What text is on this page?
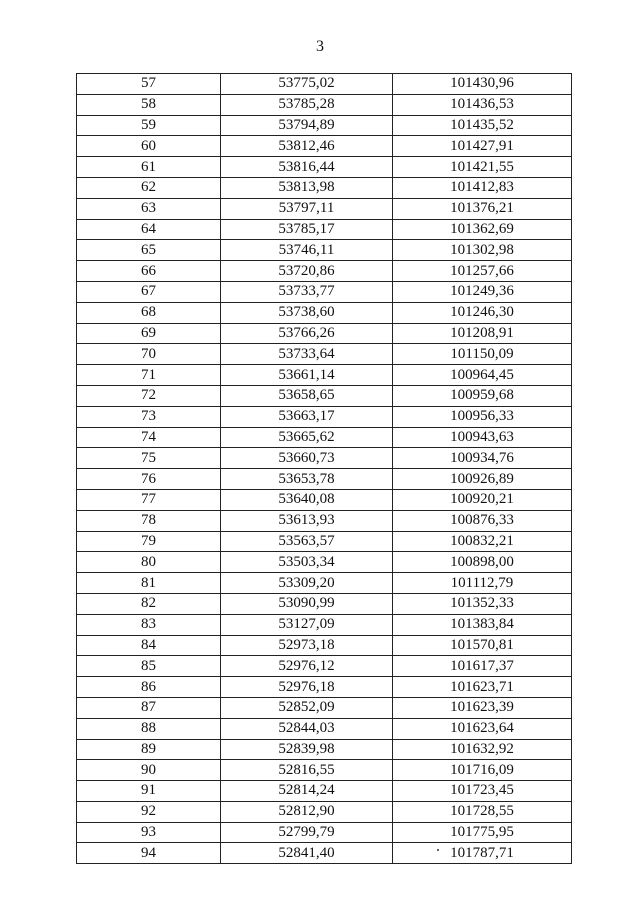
3
57	53775,02	101430,96
58	53785,28	101436,53
59	53794,89	101435,52
60	53812,46	101427,91
61	53816,44	101421,55
62	53813,98	101412,83
63	53797,11	101376,21
64	53785,17	101362,69
65	53746,11	101302,98
66	53720,86	101257,66
67	53733,77	101249,36
68	53738,60	101246,30
69	53766,26	101208,91
70	53733,64	101150,09
71	53661,14	100964,45
72	53658,65	100959,68
73	53663,17	100956,33
74	53665,62	100943,63
75	53660,73	100934,76
76	53653,78	100926,89
77	53640,08	100920,21
78	53613,93	100876,33
79	53563,57	100832,21
80	53503,34	100898,00
81	53309,20	101112,79
82	53090,99	101352,33
83	53127,09	101383,84
84	52973,18	101570,81
85	52976,12	101617,37
86	52976,18	101623,71
87	52852,09	101623,39
88	52844,03	101623,64
89	52839,98	101632,92
90	52816,55	101716,09
91	52814,24	101723,45
92	52812,90	101728,55
93	52799,79	101775,95
94	52841,40	101787,71
